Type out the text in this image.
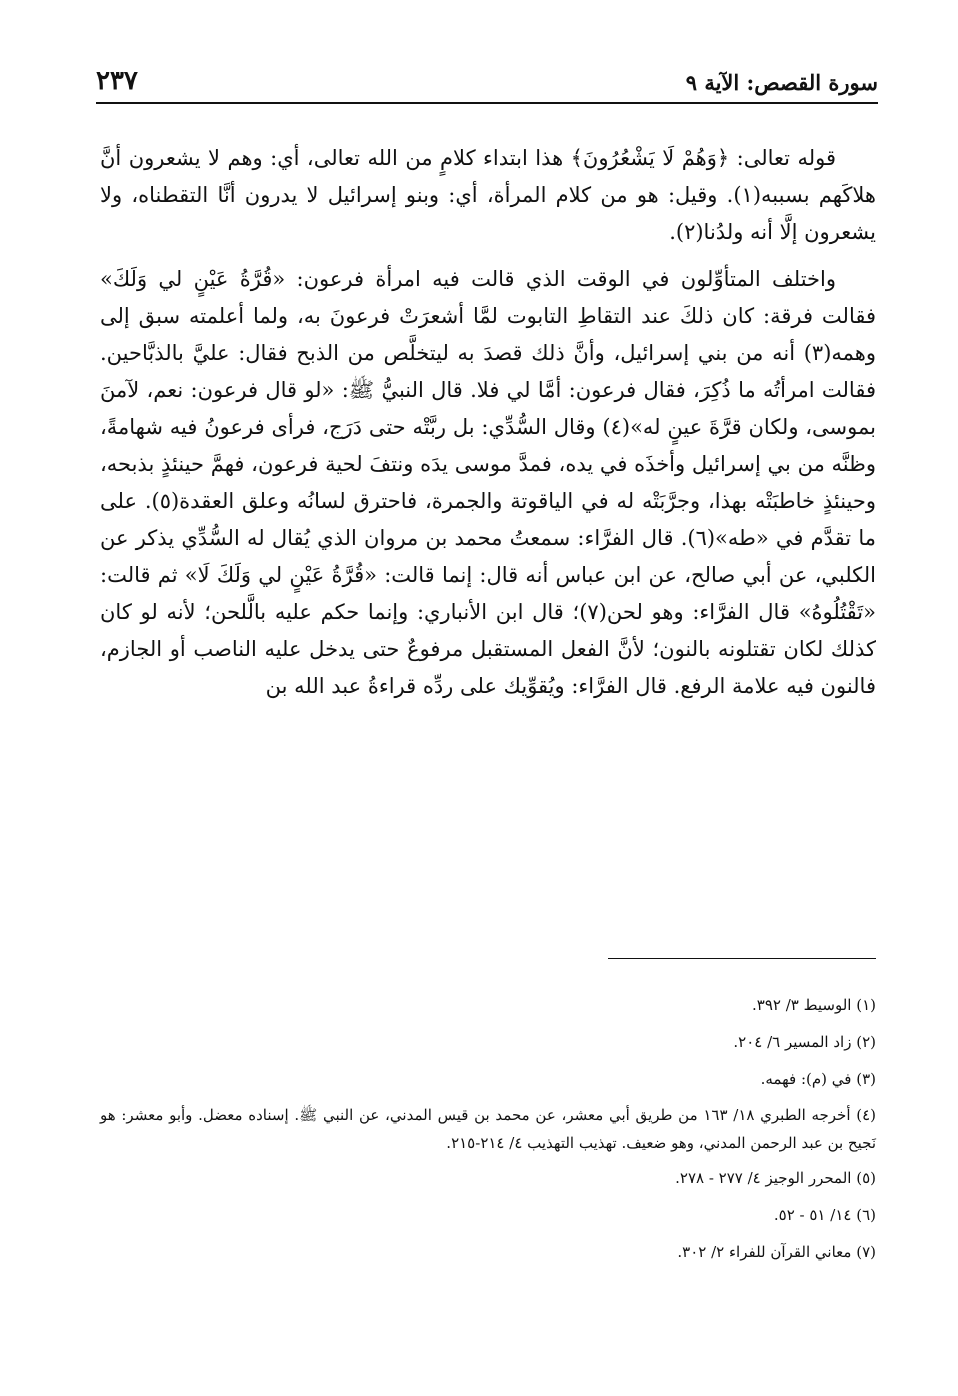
سورة القصص: الآية ٩
٢٣٧

قوله تعالى: ﴿وَهُمْ لَا يَشْعُرُونَ﴾ هذا ابتداء كلامٍ من الله تعالى، أي: وهم لا يشعرون أنَّ هلاكَهم بسببه(١). وقيل: هو من كلام المرأة، أي: وبنو إسرائيل لا يدرون أنَّا التقطناه، ولا يشعرون إلَّا أنه ولدُنا(٢).

واختلف المتأوِّلون في الوقت الذي قالت فيه امرأة فرعون: «قُرَّةُ عَيْنٍ لي وَلَكَ» فقالت فرقة: كان ذلكَ عند التقاطِ التابوت لمَّا أشعرَتْ فرعونَ به، ولما أعلمته سبق إلى وهمه(٣) أنه من بني إسرائيل، وأنَّ ذلك قصدَ به ليتخلَّص من الذبح فقال: عليَّ بالذبَّاحين. فقالت امرأتُه ما ذُكِرَ، فقال فرعون: أمَّا لي فلا. قال النبيُّ ﷺ: «لو قال فرعون: نعم، لآمنَ بموسى، ولكان قرَّةَ عينٍ له»(٤) وقال السُّدِّي: بل ربَّتْه حتى دَرَج، فرأى فرعونُ فيه شهامةً، وظنَّه من بي إسرائيل وأخذَه في يده، فمدَّ موسى يدَه ونتفَ لحية فرعون، فهمَّ حينئذٍ بذبحه، وحينئذٍ خاطبَتْه بهذا، وجرَّبَتْه له في الياقوتة والجمرة، فاحترق لسانُه وعلق العقدة(٥). على ما تقدَّم في «طه»(٦). قال الفرَّاء: سمعتُ محمد بن مروان الذي يُقال له السُّدِّي يذكر عن الكلبي، عن أبي صالح، عن ابن عباس أنه قال: إنما قالت: «قُرَّةُ عَيْنٍ لي وَلَكَ لَا» ثم قالت: «تَقْتُلُوهُ» قال الفرَّاء: وهو لحن(٧)؛ قال ابن الأنباري: وإنما حكم عليه بالَّلحن؛ لأنه لو كان كذلك لكان تقتلونه بالنون؛ لأنَّ الفعل المستقبل مرفوعٌ حتى يدخل عليه الناصب أو الجازم، فالنون فيه علامة الرفع. قال الفرَّاء: ويُقوِّيك على ردِّه قراءةُ عبد الله بن

(١) الوسيط ٣/ ٣٩٢.
(٢) زاد المسير ٦/ ٢٠٤.
(٣) في (م): فهمه.
(٤) أخرجه الطبري ١٨/ ١٦٣ من طريق أبي معشر، عن محمد بن قيس المدني، عن النبي ﷺ. إسناده معضل. وأبو معشر: هو نَجيح بن عبد الرحمن المدني، وهو ضعيف. تهذيب التهذيب ٤/ ٢١٤-٢١٥.
(٥) المحرر الوجيز ٤/ ٢٧٧ - ٢٧٨.
(٦) ١٤/ ٥١ - ٥٢.
(٧) معاني القرآن للفراء ٢/ ٣٠٢.
